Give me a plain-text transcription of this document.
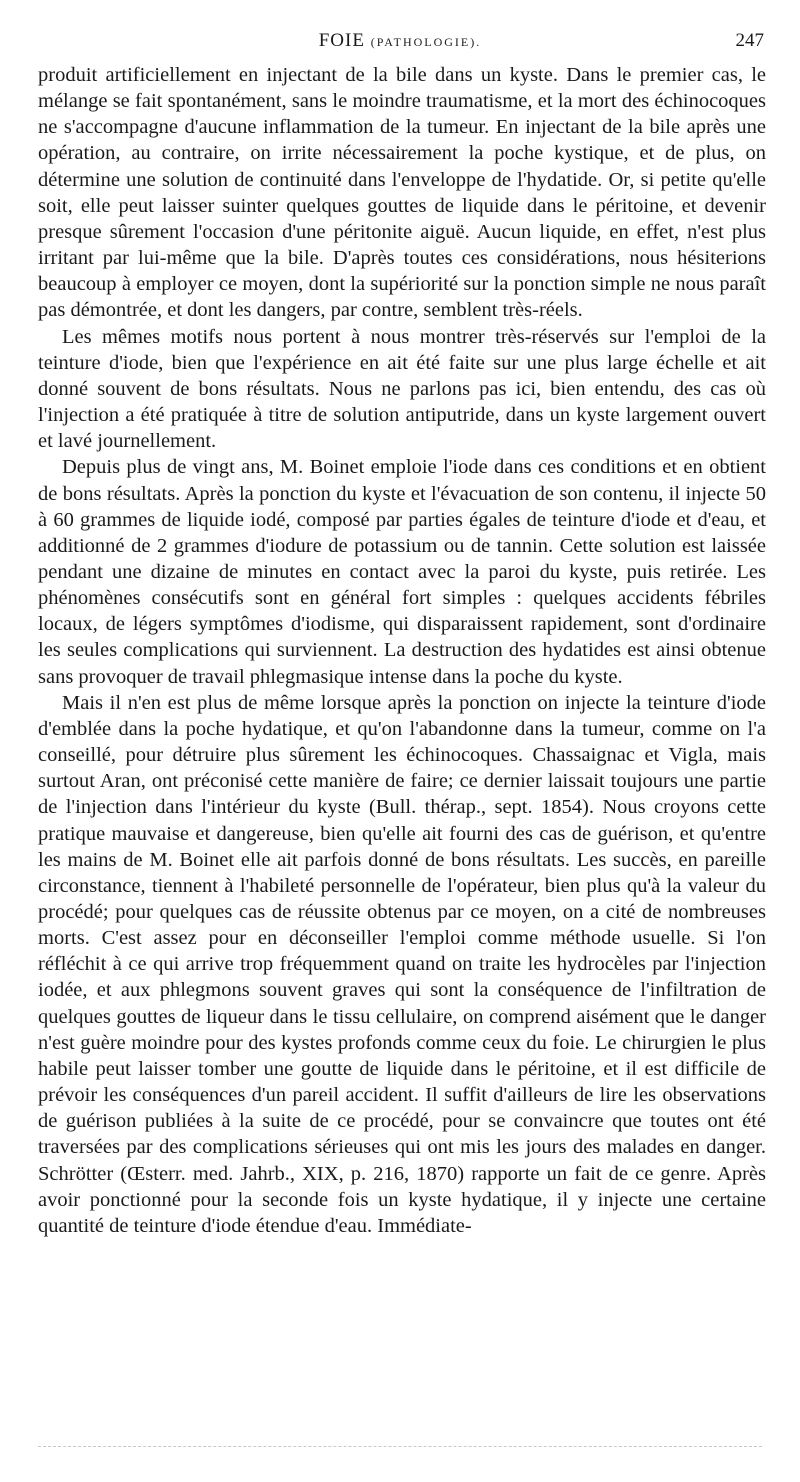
FOIE (PATHOLOGIE).	247

produit artificiellement en injectant de la bile dans un kyste. Dans le premier cas, le mélange se fait spontanément, sans le moindre traumatisme, et la mort des échinocoques ne s'accompagne d'aucune inflammation de la tumeur. En injectant de la bile après une opération, au contraire, on irrite nécessairement la poche kystique, et de plus, on détermine une solution de continuité dans l'enveloppe de l'hydatide. Or, si petite qu'elle soit, elle peut laisser suinter quelques gouttes de liquide dans le péritoine, et devenir presque sûrement l'occasion d'une péritonite aiguë. Aucun liquide, en effet, n'est plus irritant par lui-même que la bile. D'après toutes ces considérations, nous hésiterions beaucoup à employer ce moyen, dont la supériorité sur la ponction simple ne nous paraît pas démontrée, et dont les dangers, par contre, semblent très-réels.

Les mêmes motifs nous portent à nous montrer très-réservés sur l'emploi de la teinture d'iode, bien que l'expérience en ait été faite sur une plus large échelle et ait donné souvent de bons résultats. Nous ne parlons pas ici, bien entendu, des cas où l'injection a été pratiquée à titre de solution antiputride, dans un kyste largement ouvert et lavé journellement.

Depuis plus de vingt ans, M. Boinet emploie l'iode dans ces conditions et en obtient de bons résultats. Après la ponction du kyste et l'évacuation de son contenu, il injecte 50 à 60 grammes de liquide iodé, composé par parties égales de teinture d'iode et d'eau, et additionné de 2 grammes d'iodure de potassium ou de tannin. Cette solution est laissée pendant une dizaine de minutes en contact avec la paroi du kyste, puis retirée. Les phénomènes consécutifs sont en général fort simples : quelques accidents fébriles locaux, de légers symptômes d'iodisme, qui disparaissent rapidement, sont d'ordinaire les seules complications qui surviennent. La destruction des hydatides est ainsi obtenue sans provoquer de travail phlegmasique intense dans la poche du kyste.

Mais il n'en est plus de même lorsque après la ponction on injecte la teinture d'iode d'emblée dans la poche hydatique, et qu'on l'abandonne dans la tumeur, comme on l'a conseillé, pour détruire plus sûrement les échinocoques. Chassaignac et Vigla, mais surtout Aran, ont préconisé cette manière de faire; ce dernier laissait toujours une partie de l'injection dans l'intérieur du kyste (Bull. thérap., sept. 1854). Nous croyons cette pratique mauvaise et dangereuse, bien qu'elle ait fourni des cas de guérison, et qu'entre les mains de M. Boinet elle ait parfois donné de bons résultats. Les succès, en pareille circonstance, tiennent à l'habileté personnelle de l'opérateur, bien plus qu'à la valeur du procédé; pour quelques cas de réussite obtenus par ce moyen, on a cité de nombreuses morts. C'est assez pour en déconseiller l'emploi comme méthode usuelle. Si l'on réfléchit à ce qui arrive trop fréquemment quand on traite les hydrocèles par l'injection iodée, et aux phlegmons souvent graves qui sont la conséquence de l'infiltration de quelques gouttes de liqueur dans le tissu cellulaire, on comprend aisément que le danger n'est guère moindre pour des kystes profonds comme ceux du foie. Le chirurgien le plus habile peut laisser tomber une goutte de liquide dans le péritoine, et il est difficile de prévoir les conséquences d'un pareil accident. Il suffit d'ailleurs de lire les observations de guérison publiées à la suite de ce procédé, pour se convaincre que toutes ont été traversées par des complications sérieuses qui ont mis les jours des malades en danger. Schrötter (Œsterr. med. Jahrb., XIX, p. 216, 1870) rapporte un fait de ce genre. Après avoir ponctionné pour la seconde fois un kyste hydatique, il y injecte une certaine quantité de teinture d'iode étendue d'eau. Immédiate-
